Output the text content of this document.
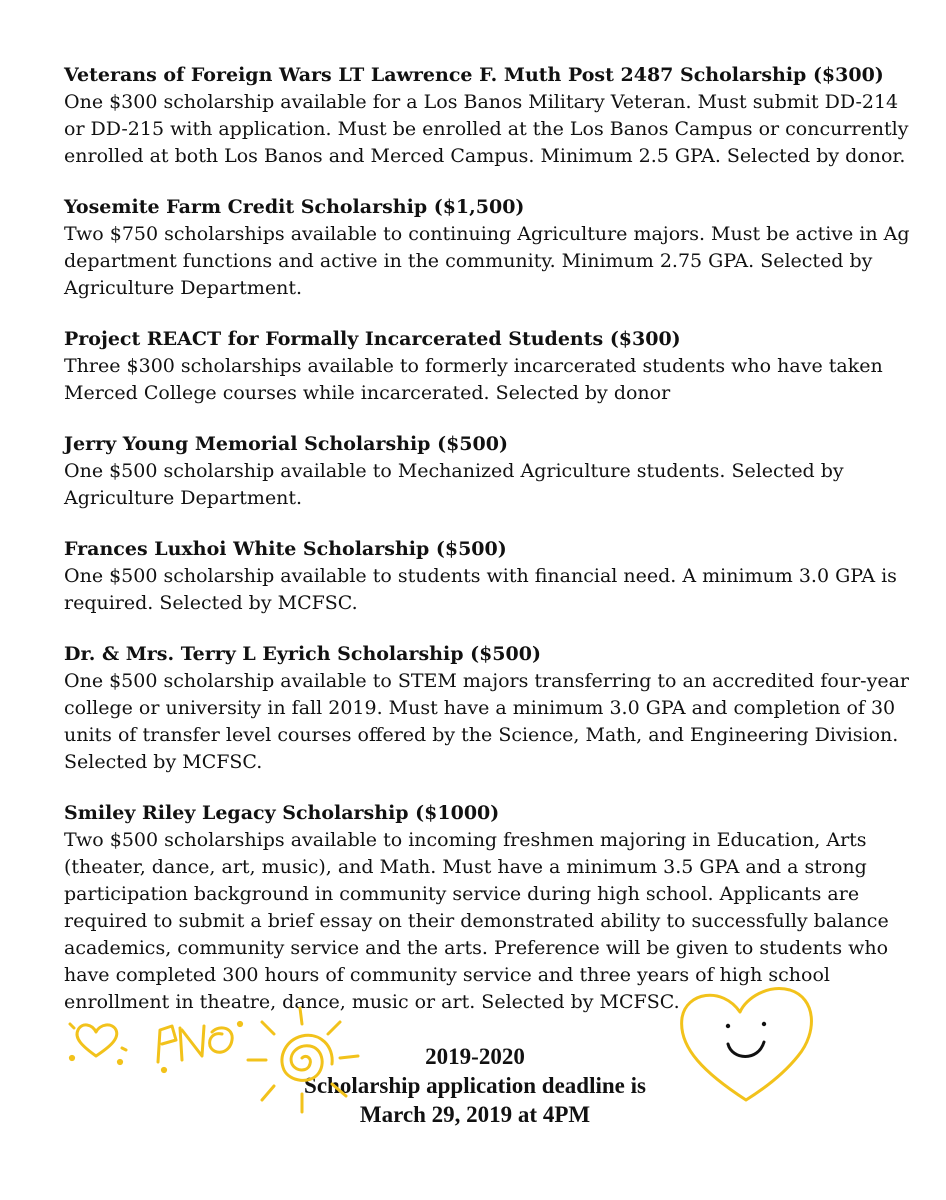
Veterans of Foreign Wars LT Lawrence F. Muth Post 2487 Scholarship ($300)

One $300 scholarship available for a Los Banos Military Veteran. Must submit DD-214
or DD-215 with application. Must be enrolled at the Los Banos Campus or concurrently
enrolled at both Los Banos and Merced Campus. Minimum 2.5 GPA. Selected by donor.

Yosemite Farm Credit Scholarship ($1,500)

Two $750 scholarships available to continuing Agriculture majors. Must be active in Ag
department functions and active in the community. Minimum 2.75 GPA. Selected by
Agriculture Department.

Project REACT for Formally Incarcerated Students ($300)

Three $300 scholarships available to formerly incarcerated students who have taken
Merced College courses while incarcerated. Selected by donor

Jerry Young Memorial Scholarship ($500)

One $500 scholarship available to Mechanized Agriculture students. Selected by
Agriculture Department.

Frances Luxhoi White Scholarship ($500)

One $500 scholarship available to students with financial need. A minimum 3.0 GPA is
required. Selected by MCFSC.

Dr. & Mrs. Terry L Eyrich Scholarship ($500)

One $500 scholarship available to STEM majors transferring to an accredited four-year
college or university in fall 2019. Must have a minimum 3.0 GPA and completion of 30
units of transfer level courses offered by the Science, Math, and Engineering Division.
Selected by MCFSC.

Smiley Riley Legacy Scholarship ($1000)

Two $500 scholarships available to incoming freshmen majoring in Education, Arts
(theater, dance, art, music), and Math. Must have a minimum 3.5 GPA and a strong
participation background in community service during high school. Applicants are
required to submit a brief essay on their demonstrated ability to successfully balance
academics, community service and the arts. Preference will be given to students who
have completed 300 hours of community service and three years of high school
enrollment in theatre, dance, music or art. Selected by MCFSC.

2019-2020
Scholarship application deadline is
March 29, 2019 at 4PM
